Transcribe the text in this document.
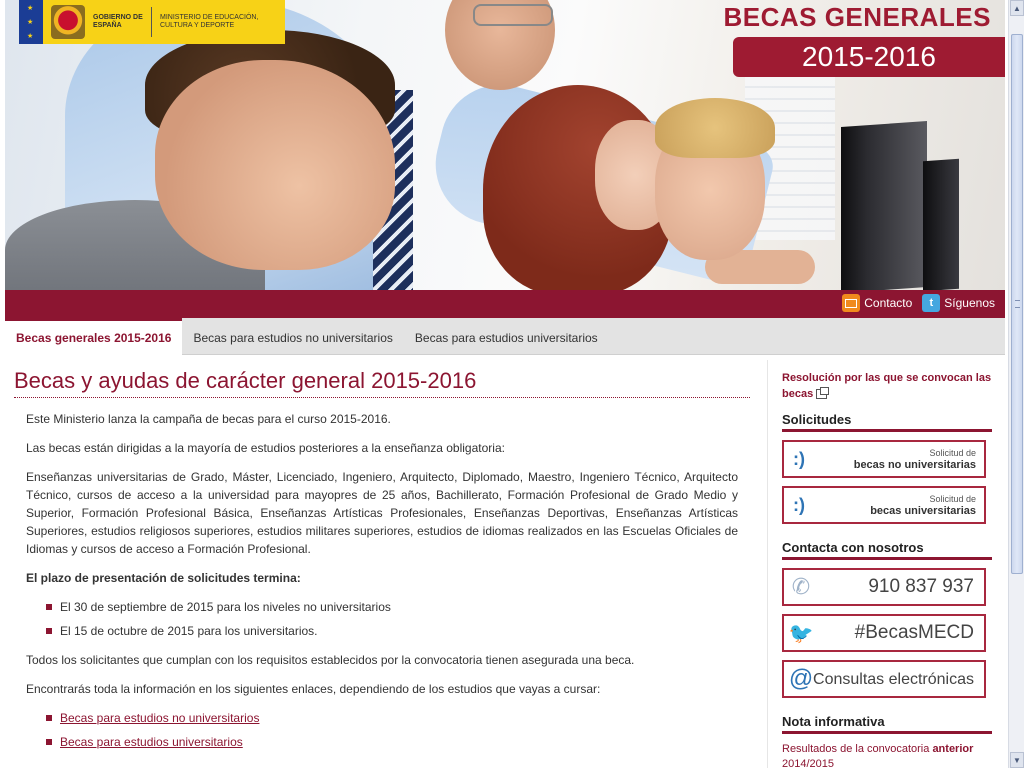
★
★
★
GOBIERNO DE ESPAÑA
MINISTERIO DE EDUCACIÓN, CULTURA Y DEPORTE	BECAS GENERALES
2015-2016
Contacto	t Síguenos
Becas generales 2015-2016	Becas para estudios no universitarios	Becas para estudios universitarios
Becas y ayudas de carácter general 2015-2016

Este Ministerio lanza la campaña de becas para el curso 2015-2016.

Las becas están dirigidas a la mayoría de estudios posteriores a la enseñanza obligatoria:

Enseñanzas universitarias de Grado, Máster, Licenciado, Ingeniero, Arquitecto, Diplomado, Maestro, Ingeniero Técnico, Arquitecto Técnico, cursos de acceso a la universidad para mayopres de 25 años, Bachillerato, Formación Profesional de Grado Medio y Superior, Formación Profesional Básica, Enseñanzas Artísticas Profesionales, Enseñanzas Deportivas, Enseñanzas Artísticas Superiores, estudios religiosos superiores, estudios militares superiores, estudios de idiomas realizados en las Escuelas Oficiales de Idiomas y cursos de acceso a Formación Profesional.

El plazo de presentación de solicitudes termina:

El 30 de septiembre de 2015 para los niveles no universitarios
El 15 de octubre de 2015 para los universitarios.

Todos los solicitantes que cumplan con los requisitos establecidos por la convocatoria tienen asegurada una beca.

Encontrarás toda la información en los siguientes enlaces, dependiendo de los estudios que vayas a cursar:

Becas para estudios no universitarios
Becas para estudios universitarios
Resolución por las que se convocan las becas
Solicitudes
:)	Solicitud de
becas no universitarias
:)	Solicitud de
becas universitarias
Contacta con nosotros
✆	910 837 937
🐦 #BecasMECD
@ Consultas electrónicas
Nota informativa
Resultados de la convocatoria anterior 2014/2015
▲
▼
